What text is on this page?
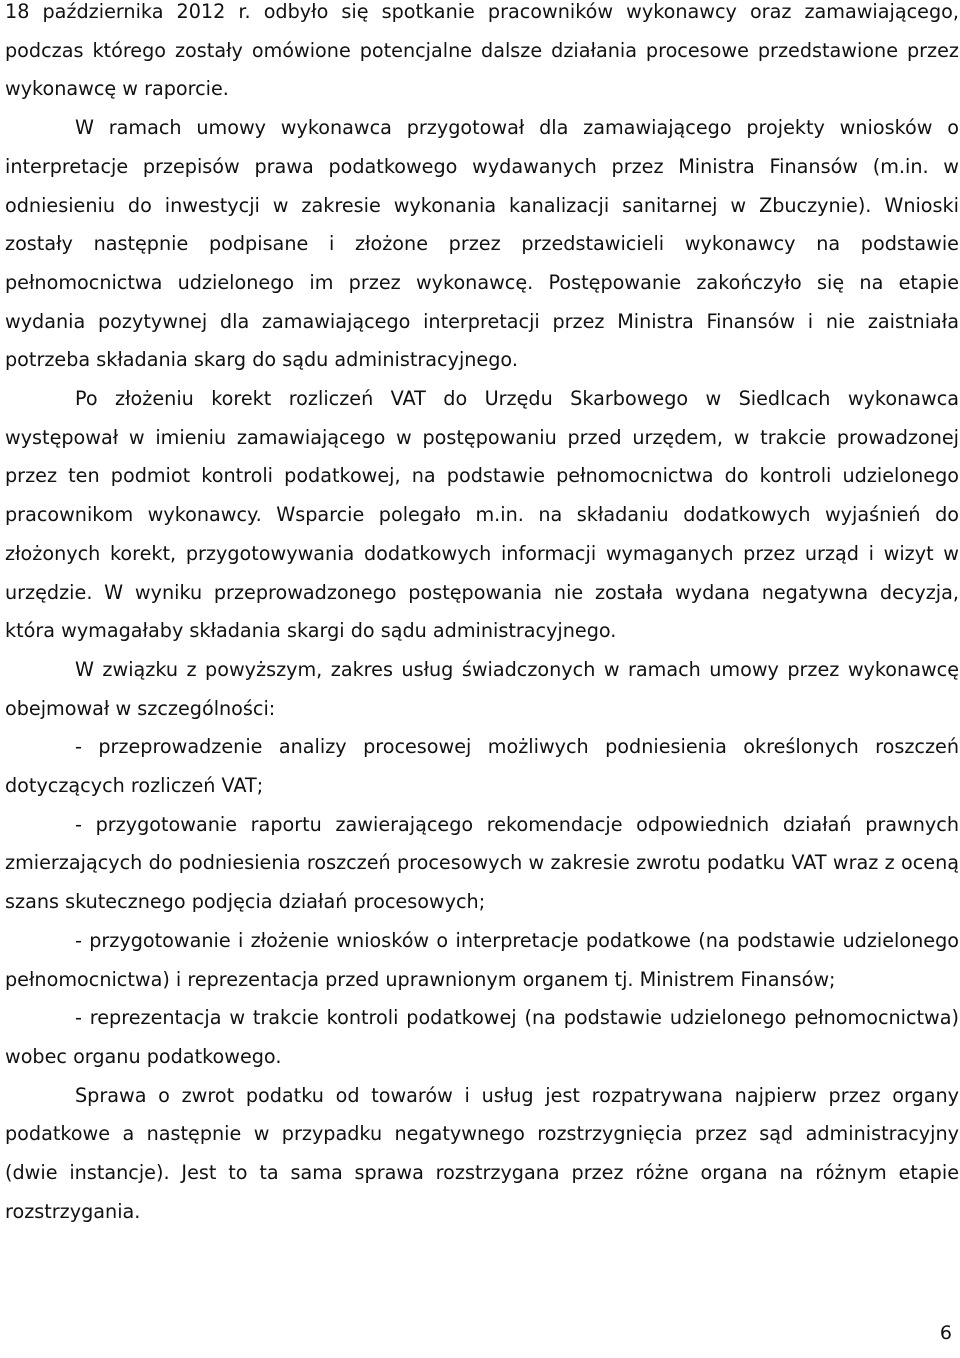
18 października 2012 r. odbyło się spotkanie pracowników wykonawcy oraz zamawiającego, podczas którego zostały omówione potencjalne dalsze działania procesowe przedstawione przez wykonawcę w raporcie.

W ramach umowy wykonawca przygotował dla zamawiającego projekty wniosków o interpretacje przepisów prawa podatkowego wydawanych przez Ministra Finansów (m.in. w odniesieniu do inwestycji w zakresie wykonania kanalizacji sanitarnej w Zbuczynie). Wnioski zostały następnie podpisane i złożone przez przedstawicieli wykonawcy na podstawie pełnomocnictwa udzielonego im przez wykonawcę. Postępowanie zakończyło się na etapie wydania pozytywnej dla zamawiającego interpretacji przez Ministra Finansów i nie zaistniała potrzeba składania skarg do sądu administracyjnego.

Po złożeniu korekt rozliczeń VAT do Urzędu Skarbowego w Siedlcach wykonawca występował w imieniu zamawiającego w postępowaniu przed urzędem, w trakcie prowadzonej przez ten podmiot kontroli podatkowej, na podstawie pełnomocnictwa do kontroli udzielonego pracownikom wykonawcy. Wsparcie polegało m.in. na składaniu dodatkowych wyjaśnień do złożonych korekt, przygotowywania dodatkowych informacji wymaganych przez urząd i wizyt w urzędzie. W wyniku przeprowadzonego postępowania nie została wydana negatywna decyzja, która wymagałaby składania skargi do sądu administracyjnego.

W związku z powyższym, zakres usług świadczonych w ramach umowy przez wykonawcę obejmował w szczególności:

- przeprowadzenie analizy procesowej możliwych podniesienia określonych roszczeń dotyczących rozliczeń VAT;

- przygotowanie raportu zawierającego rekomendacje odpowiednich działań prawnych zmierzających do podniesienia roszczeń procesowych w zakresie zwrotu podatku VAT wraz z oceną szans skutecznego podjęcia działań procesowych;

- przygotowanie i złożenie wniosków o interpretacje podatkowe (na podstawie udzielonego pełnomocnictwa) i reprezentacja przed uprawnionym organem tj. Ministrem Finansów;

- reprezentacja w trakcie kontroli podatkowej (na podstawie udzielonego pełnomocnictwa) wobec organu podatkowego.

Sprawa o zwrot podatku od towarów i usług jest rozpatrywana najpierw przez organy podatkowe a następnie w przypadku negatywnego rozstrzygnięcia przez sąd administracyjny (dwie instancje). Jest to ta sama sprawa rozstrzygana przez różne organa na różnym etapie rozstrzygania.

6
